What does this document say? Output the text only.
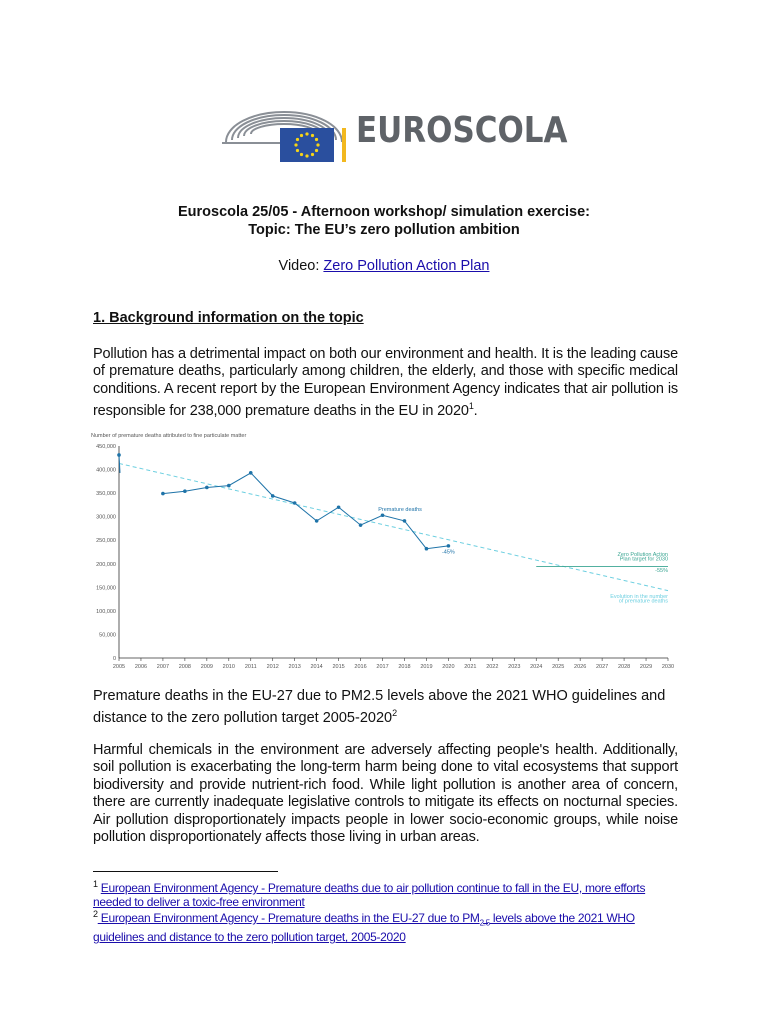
EUROSCOLA
Euroscola 25/05 - Afternoon workshop/ simulation exercise:
Topic: The EU’s zero pollution ambition
Video: Zero Pollution Action Plan
1. Background information on the topic
Pollution has a detrimental impact on both our environment and health. It is the leading cause of premature deaths, particularly among children, the elderly, and those with specific medical conditions. A recent report by the European Environment Agency indicates that air pollution is responsible for 238,000 premature deaths in the EU in 2020$^1$.
Number of premature deaths attributed to fine particulate matter
0
50,000
100,000
150,000
200,000
250,000
300,000
350,000
400,000
450,000
2005 2006 2007 2008 2009 2010 2011 2012 2013 2014 2015 2016 2017 2018 2019 2020 2021 2022 2023 2024 2025 2026 2027 2028 2029 2030
Premature deaths
-45%	Zero Pollution Action
Plan target for 2030
-55%
Evolution in the number
of premature deaths
Premature deaths in the EU-27 due to PM2.5 levels above the 2021 WHO guidelines and distance to the zero pollution target 2005-2020$^2$
Harmful chemicals in the environment are adversely affecting people's health. Additionally, soil pollution is exacerbating the long-term harm being done to vital ecosystems that support biodiversity and provide nutrient-rich food. While light pollution is another area of concern, there are currently inadequate legislative controls to mitigate its effects on nocturnal species. Air pollution disproportionately impacts people in lower socio-economic groups, while noise pollution disproportionately affects those living in urban areas.
$^1$ European Environment Agency - Premature deaths due to air pollution continue to fall in the EU, more efforts needed to deliver a toxic-free environment
$^2$ European Environment Agency - Premature deaths in the EU-27 due to $PM_{2.5}$ levels above the 2021 WHO guidelines and distance to the zero pollution target, 2005-2020
